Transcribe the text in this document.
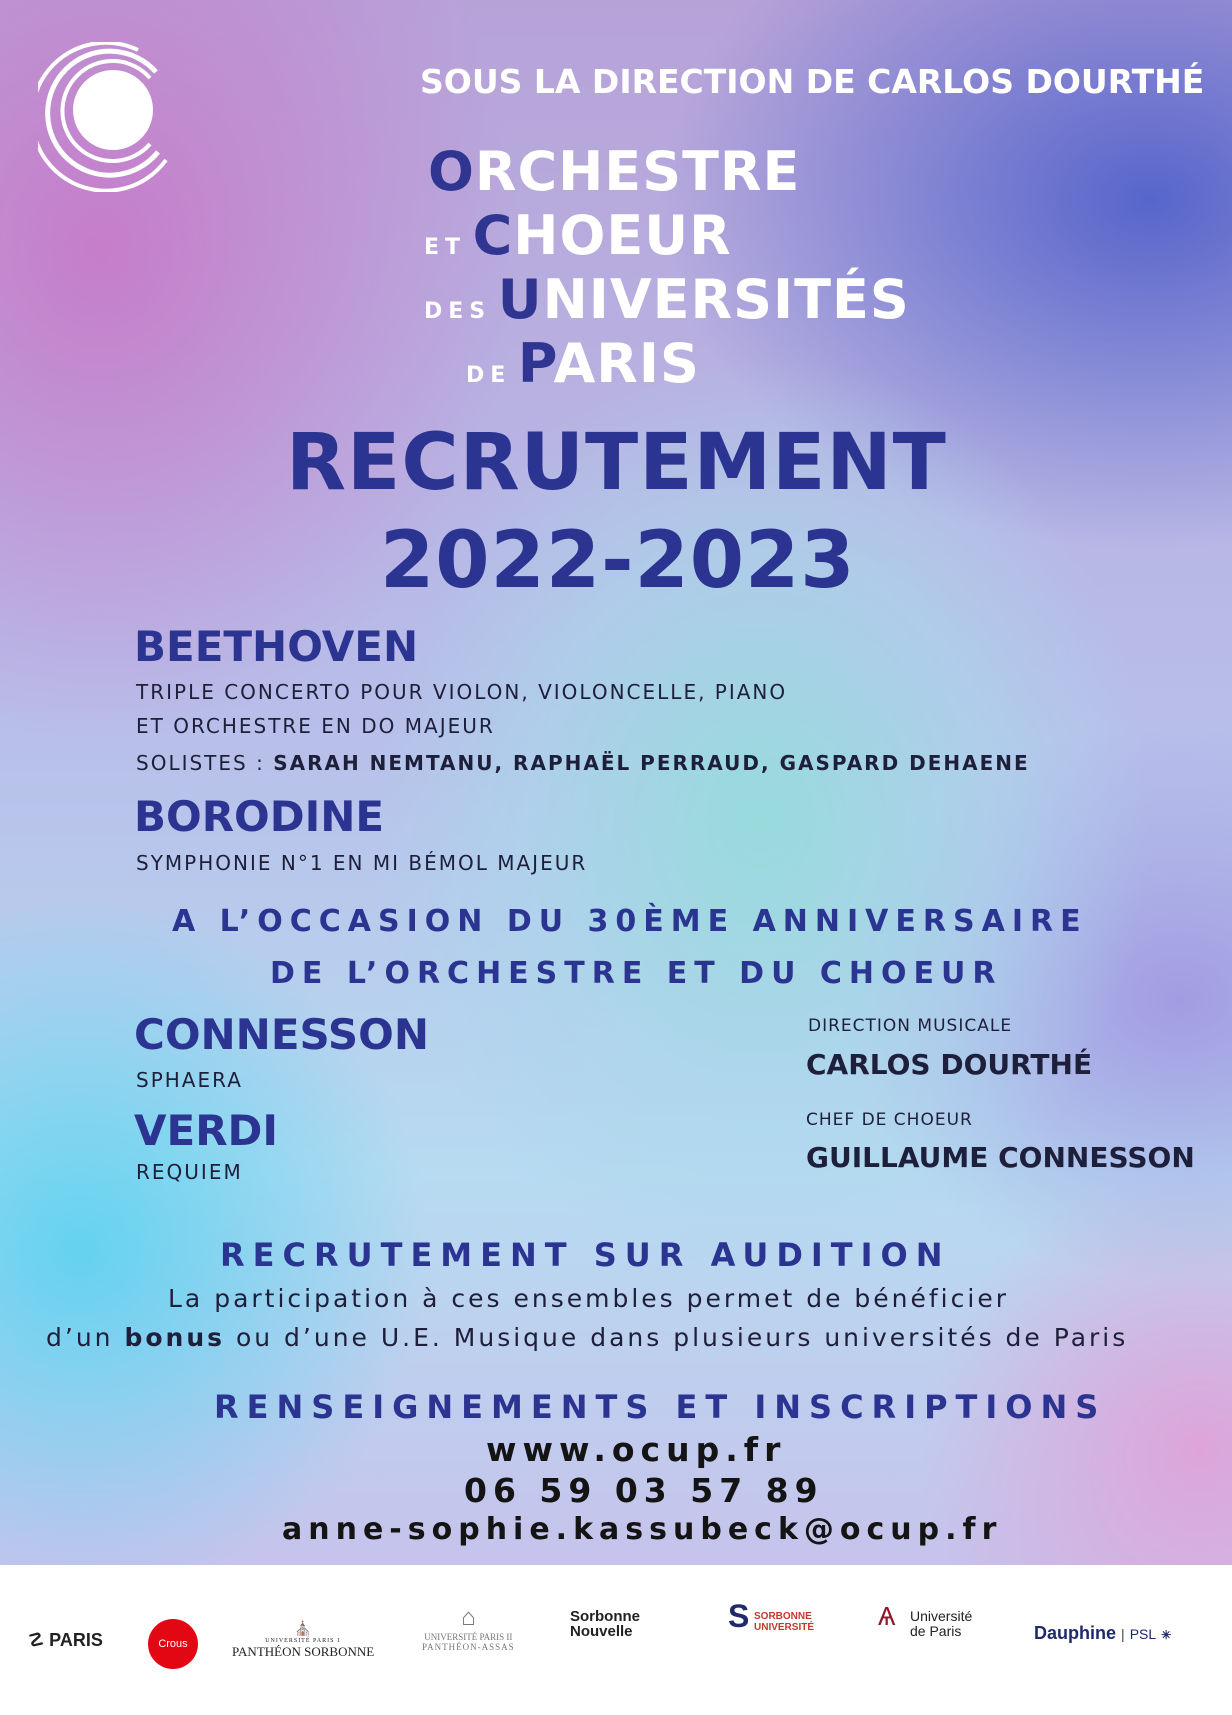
SOUS LA DIRECTION DE CARLOS DOURTHÉ

ORCHESTRE
ET CHOEUR
DES UNIVERSITÉS
DE PARIS

RECRUTEMENT

2022-2023

BEETHOVEN

TRIPLE CONCERTO POUR VIOLON, VIOLONCELLE, PIANO

ET ORCHESTRE EN DO MAJEUR

SOLISTES : SARAH NEMTANU, RAPHAËL PERRAUD, GASPARD DEHAENE

BORODINE

SYMPHONIE N°1 EN MI BÉMOL MAJEUR

A L’OCCASION DU 30ÈME ANNIVERSAIRE

DE L’ORCHESTRE ET DU CHOEUR

CONNESSON

SPHAERA

VERDI

REQUIEM

DIRECTION MUSICALE

CARLOS DOURTHÉ

CHEF DE CHOEUR

GUILLAUME CONNESSON

RECRUTEMENT SUR AUDITION

La participation à ces ensembles permet de bénéficier

d’un bonus ou d’une U.E. Musique dans plusieurs universités de Paris

RENSEIGNEMENTS ET INSCRIPTIONS

www.ocup.fr

06 59 03 57 89

anne-sophie.kassubeck@ocup.fr

☡ PARIS	Crous
⛪
UNIVERSITÉ PARIS 1
PANTHÉON SORBONNE
⌂
UNIVERSITÉ PARIS II
PANTHÉON-ASSAS
Sorbonne
Nouvelle	S SORBONNE
UNIVERSITÉ Ѧ Université
de Paris	Dauphine | PSL ✳
